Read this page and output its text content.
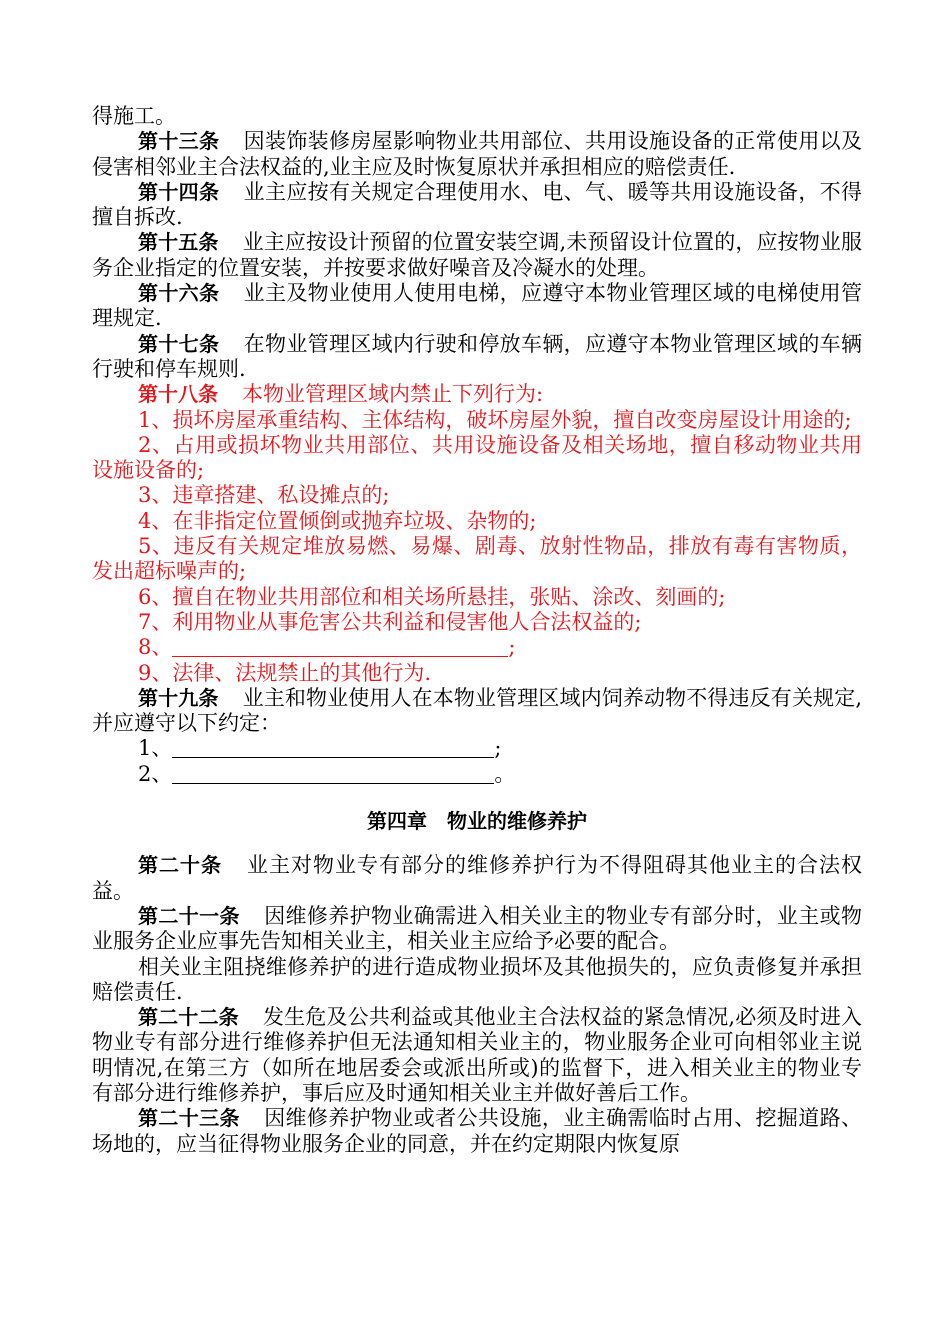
得施工。

第十三条 因装饰装修房屋影响物业共用部位、共用设施设备的正常使用以及侵害相邻业主合法权益的,业主应及时恢复原状并承担相应的赔偿责任.

第十四条 业主应按有关规定合理使用水、电、气、暖等共用设施设备，不得擅自拆改.

第十五条 业主应按设计预留的位置安装空调,未预留设计位置的，应按物业服务企业指定的位置安装，并按要求做好噪音及冷凝水的处理。

第十六条 业主及物业使用人使用电梯，应遵守本物业管理区域的电梯使用管理规定.

第十七条 在物业管理区域内行驶和停放车辆，应遵守本物业管理区域的车辆行驶和停车规则.

第十八条 本物业管理区域内禁止下列行为:

1、损坏房屋承重结构、主体结构，破坏房屋外貌，擅自改变房屋设计用途的;

2、占用或损坏物业共用部位、共用设施设备及相关场地，擅自移动物业共用设施设备的;

3、违章搭建、私设摊点的;

4、在非指定位置倾倒或抛弃垃圾、杂物的;

5、违反有关规定堆放易燃、易爆、剧毒、放射性物品，排放有毒有害物质，发出超标噪声的;

6、擅自在物业共用部位和相关场所悬挂，张贴、涂改、刻画的;

7、利用物业从事危害公共利益和侵害他人合法权益的;

8、	;

9、法律、法规禁止的其他行为.

第十九条 业主和物业使用人在本物业管理区域内饲养动物不得违反有关规定,并应遵守以下约定：

1、	;

2、	。

第四章　物业的维修养护

第二十条 业主对物业专有部分的维修养护行为不得阻碍其他业主的合法权益。

第二十一条 因维修养护物业确需进入相关业主的物业专有部分时，业主或物业服务企业应事先告知相关业主，相关业主应给予必要的配合。

相关业主阻挠维修养护的进行造成物业损坏及其他损失的，应负责修复并承担赔偿责任.

第二十二条 发生危及公共利益或其他业主合法权益的紧急情况,必须及时进入物业专有部分进行维修养护但无法通知相关业主的，物业服务企业可向相邻业主说明情况,在第三方（如所在地居委会或派出所或)的监督下，进入相关业主的物业专有部分进行维修养护，事后应及时通知相关业主并做好善后工作。

第二十三条 因维修养护物业或者公共设施，业主确需临时占用、挖掘道路、场地的，应当征得物业服务企业的同意，并在约定期限内恢复原
